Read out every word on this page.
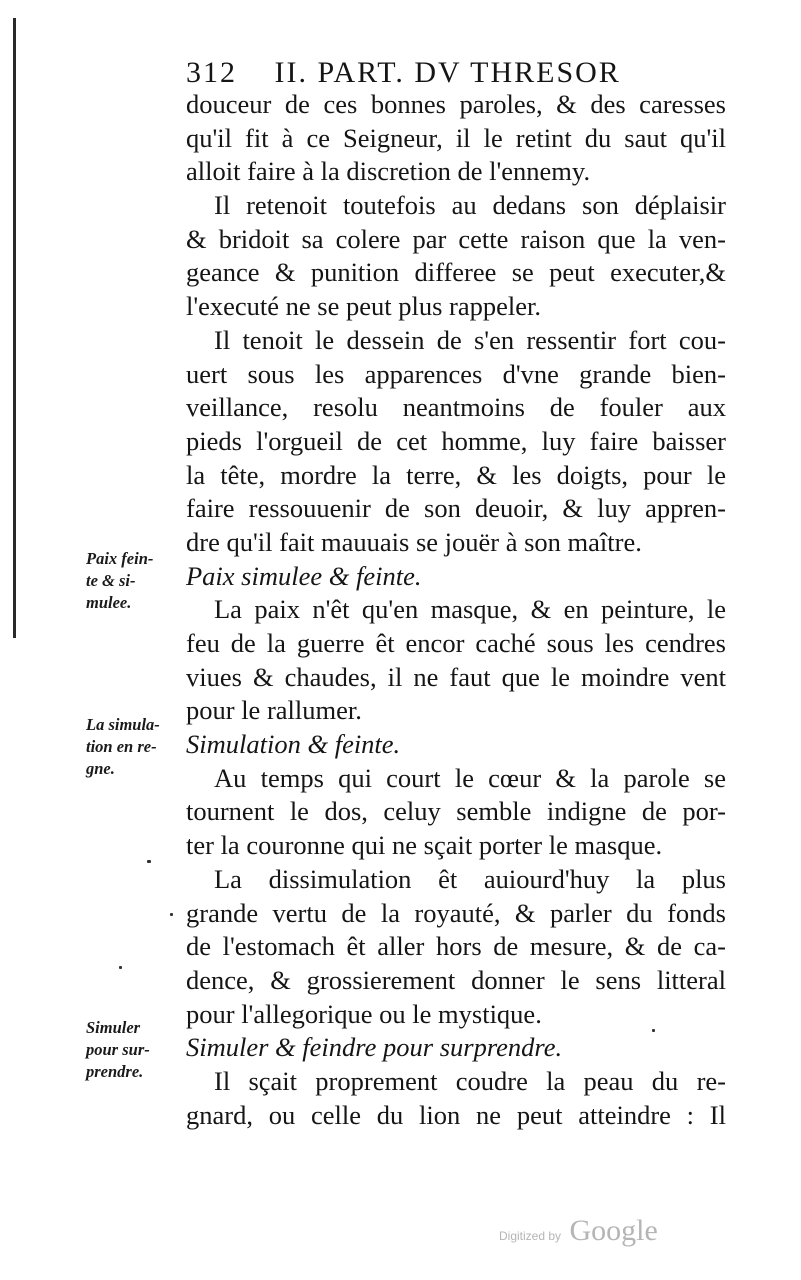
312 II. PART. DV THRESOR
douceur de ces bonnes paroles, & des caresses
qu'il fit à ce Seigneur, il le retint du saut qu'il
alloit faire à la discretion de l'ennemy.
Il retenoit toutefois au dedans son déplaisir
& bridoit sa colere par cette raison que la ven-
geance & punition differee se peut executer,&
l'executé ne se peut plus rappeler.
Il tenoit le dessein de s'en ressentir fort cou-
uert sous les apparences d'vne grande bien-
veillance, resolu neantmoins de fouler aux
pieds l'orgueil de cet homme, luy faire baisser
la tête, mordre la terre, & les doigts, pour le
faire ressouuenir de son deuoir, & luy appren-
dre qu'il fait mauuais se jouër à son maître.
Paix simulee & feinte.
La paix n'êt qu'en masque, & en peinture, le
feu de la guerre êt encor caché sous les cendres
viues & chaudes, il ne faut que le moindre vent
pour le rallumer.
Simulation & feinte.
Au temps qui court le cœur & la parole se
tournent le dos, celuy semble indigne de por-
ter la couronne qui ne sçait porter le masque.
La dissimulation êt auiourd'huy la plus
grande vertu de la royauté, & parler du fonds
de l'estomach êt aller hors de mesure, & de ca-
dence, & grossierement donner le sens litteral
pour l'allegorique ou le mystique.
Simuler & feindre pour surprendre.
Il sçait proprement coudre la peau du re-
gnard, ou celle du lion ne peut atteindre : Il
Paix fein-
te & si-
mulee.
La simula-
tion en re-
gne.
Simuler
pour sur-
prendre.
Digitized by Google
